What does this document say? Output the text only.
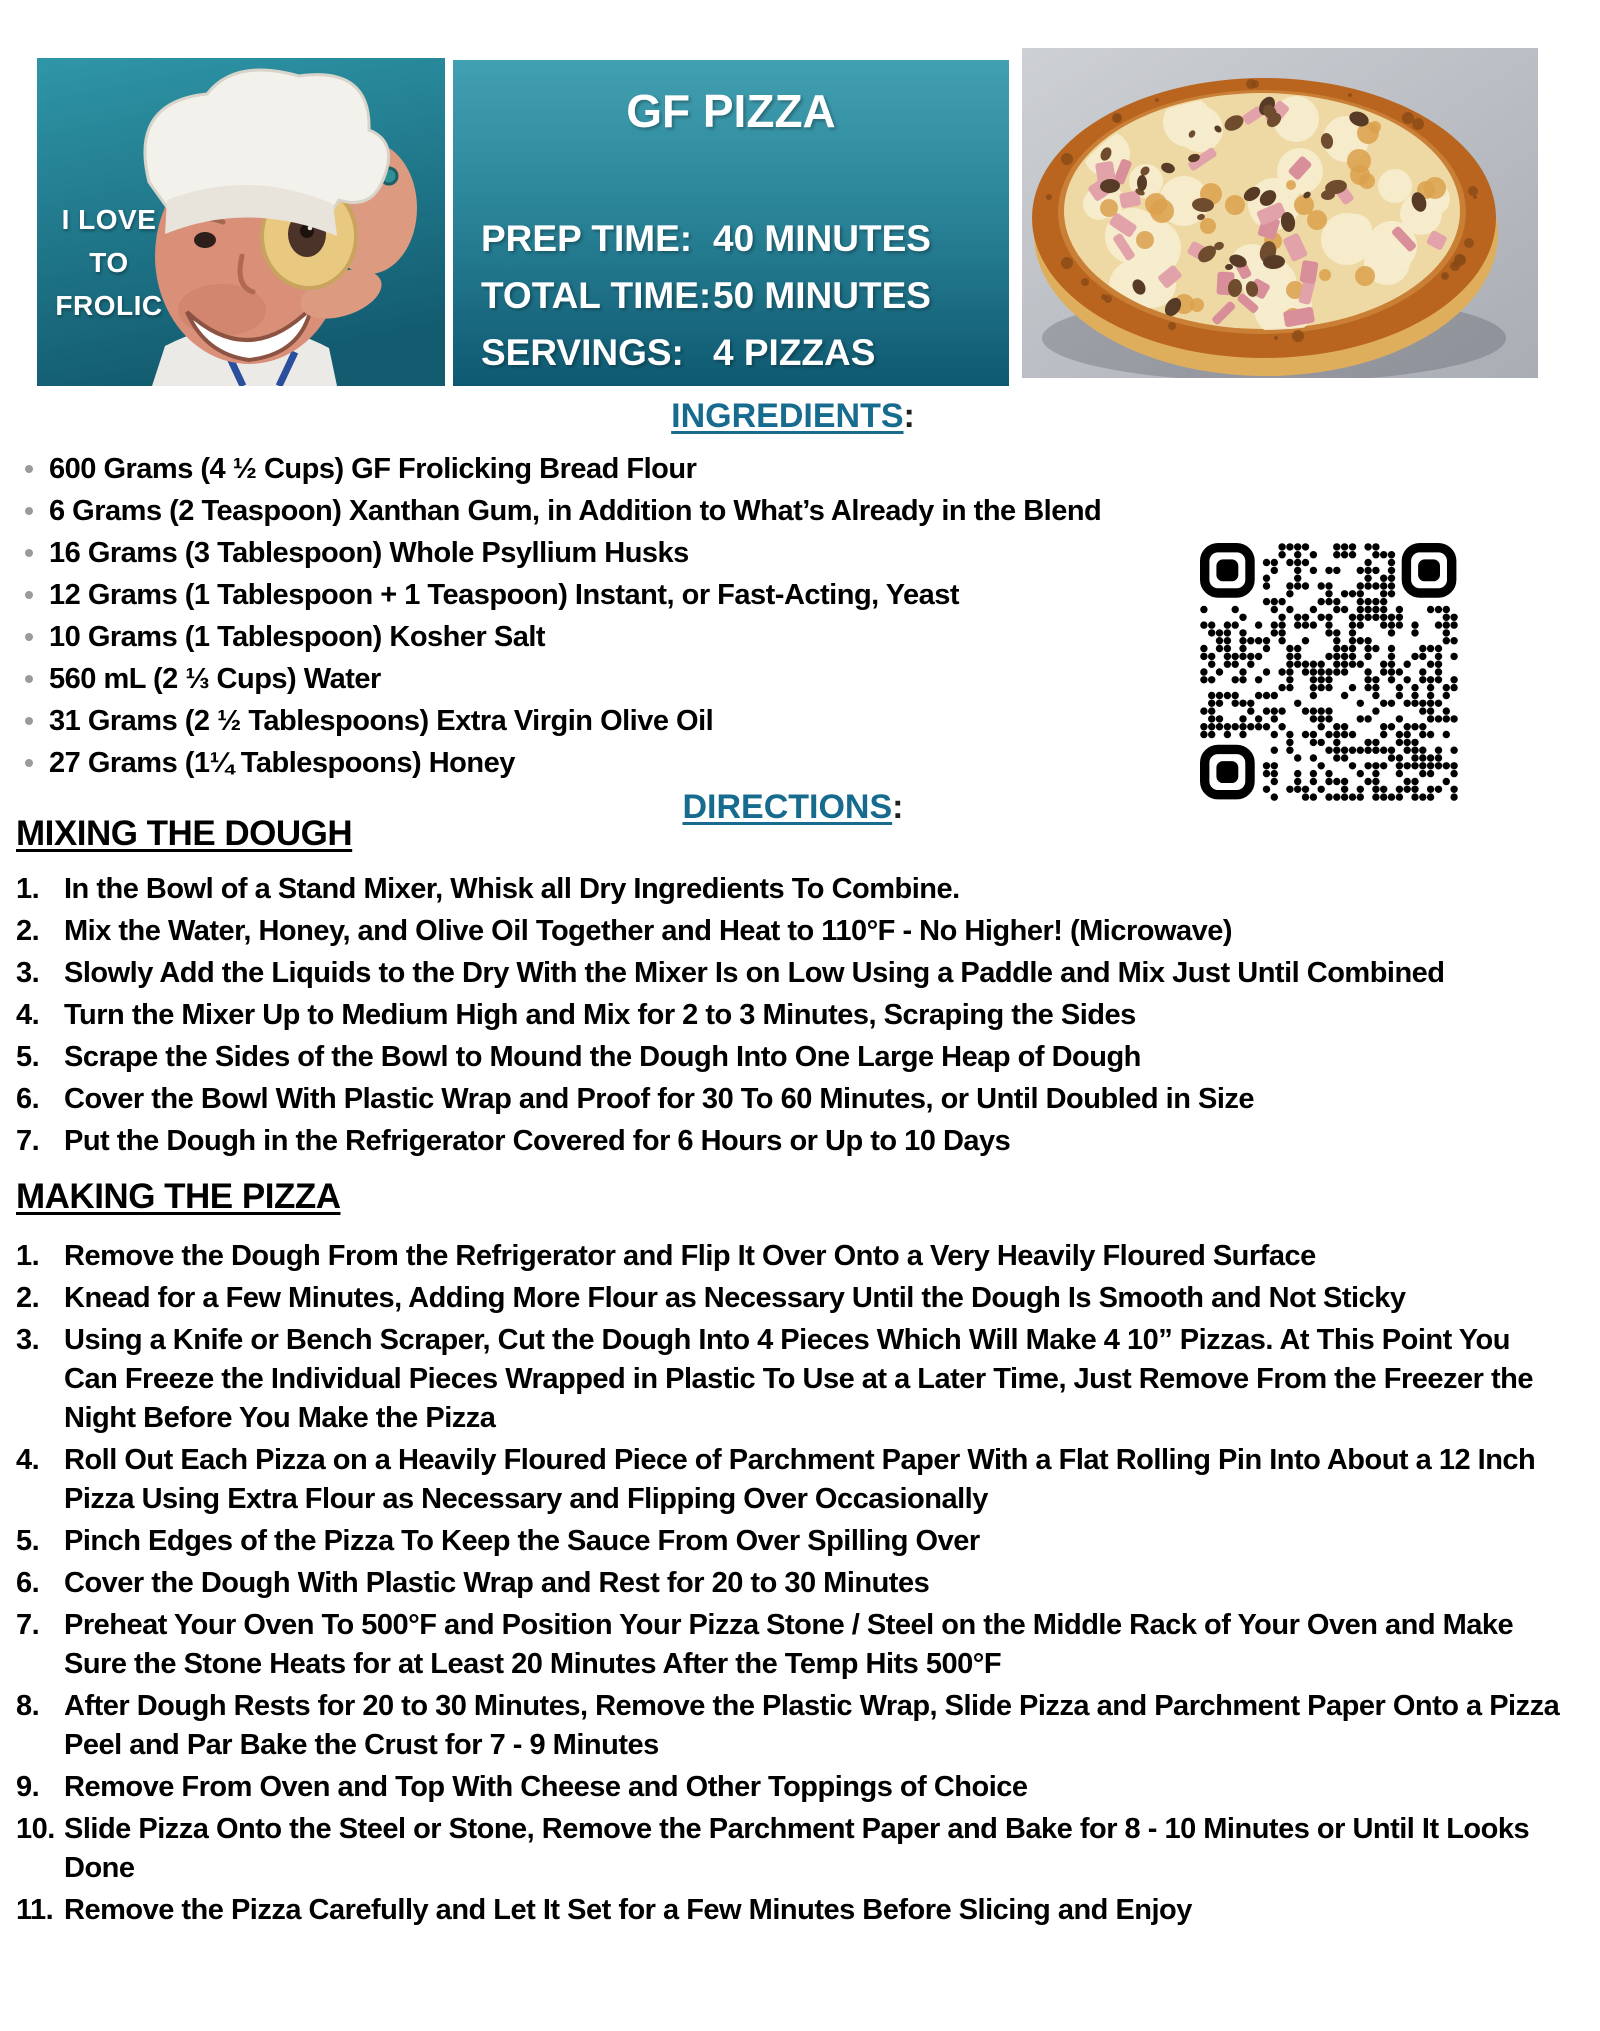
I LOVE
TO
FROLIC
GF PIZZA
PREP TIME: 40 MINUTES
TOTAL TIME: 50 MINUTES
SERVINGS: 4 PIZZAS
INGREDIENTS:
600 Grams (4 ½ Cups) GF Frolicking Bread Flour
6 Grams (2 Teaspoon) Xanthan Gum, in Addition to What’s Already in the Blend
16 Grams (3 Tablespoon) Whole Psyllium Husks
12 Grams (1 Tablespoon + 1 Teaspoon) Instant, or Fast-Acting, Yeast
10 Grams (1 Tablespoon) Kosher Salt
560 mL (2 ⅓ Cups) Water
31 Grams (2 ½ Tablespoons) Extra Virgin Olive Oil
27 Grams (1¼ Tablespoons) Honey
DIRECTIONS:
MIXING THE DOUGH
In the Bowl of a Stand Mixer, Whisk all Dry Ingredients To Combine.
Mix the Water, Honey, and Olive Oil Together and Heat to 110°F - No Higher! (Microwave)
Slowly Add the Liquids to the Dry With the Mixer Is on Low Using a Paddle and Mix Just Until Combined
Turn the Mixer Up to Medium High and Mix for 2 to 3 Minutes, Scraping the Sides
Scrape the Sides of the Bowl to Mound the Dough Into One Large Heap of Dough
Cover the Bowl With Plastic Wrap and Proof for 30 To 60 Minutes, or Until Doubled in Size
Put the Dough in the Refrigerator Covered for 6 Hours or Up to 10 Days
MAKING THE PIZZA
Remove the Dough From the Refrigerator and Flip It Over Onto a Very Heavily Floured Surface
Knead for a Few Minutes, Adding More Flour as Necessary Until the Dough Is Smooth and Not Sticky
Using a Knife or Bench Scraper, Cut the Dough Into 4 Pieces Which Will Make 4 10” Pizzas. At This Point You Can Freeze the Individual Pieces Wrapped in Plastic To Use at a Later Time, Just Remove From the Freezer the Night Before You Make the Pizza
Roll Out Each Pizza on a Heavily Floured Piece of Parchment Paper With a Flat Rolling Pin Into About a 12 Inch Pizza Using Extra Flour as Necessary and Flipping Over Occasionally
Pinch Edges of the Pizza To Keep the Sauce From Over Spilling Over
Cover the Dough With Plastic Wrap and Rest for 20 to 30 Minutes
Preheat Your Oven To 500°F and Position Your Pizza Stone / Steel on the Middle Rack of Your Oven and Make Sure the Stone Heats for at Least 20 Minutes After the Temp Hits 500°F
After Dough Rests for 20 to 30 Minutes, Remove the Plastic Wrap, Slide Pizza and Parchment Paper Onto a Pizza Peel and Par Bake the Crust for 7 - 9 Minutes
Remove From Oven and Top With Cheese and Other Toppings of Choice
Slide Pizza Onto the Steel or Stone, Remove the Parchment Paper and Bake for 8 - 10 Minutes or Until It Looks Done
Remove the Pizza Carefully and Let It Set for a Few Minutes Before Slicing and Enjoy
